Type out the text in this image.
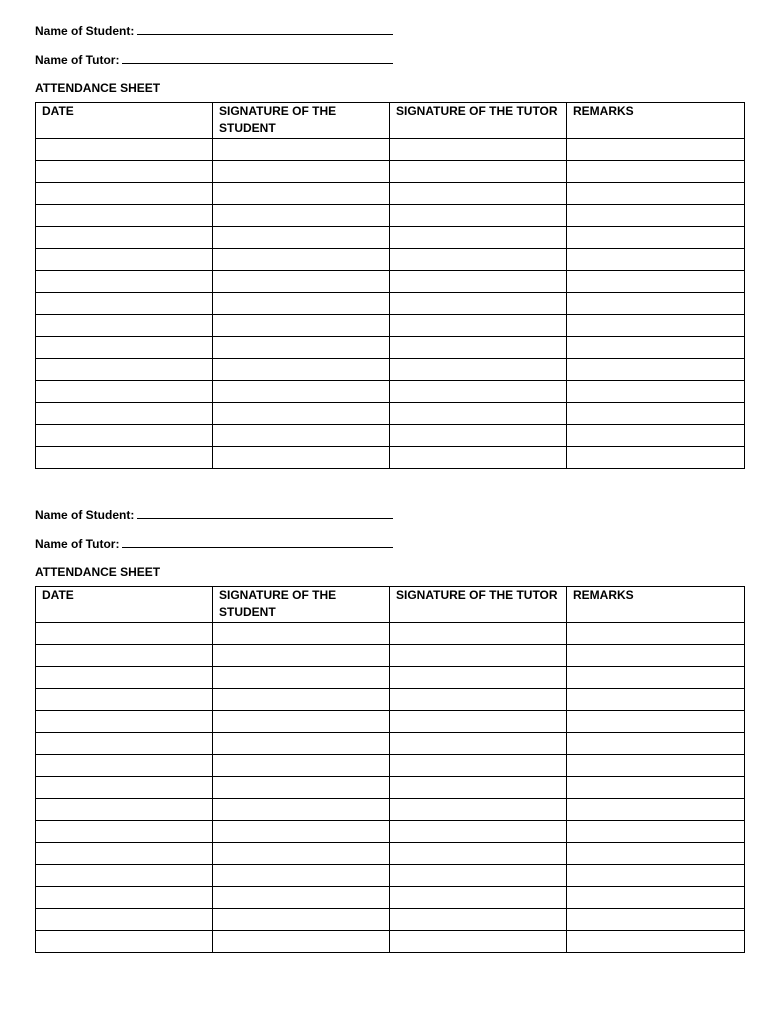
Name of Student:
Name of Tutor:
ATTENDANCE SHEET
DATE	SIGNATURE OF THE STUDENT	SIGNATURE OF THE TUTOR	REMARKS

Name of Student:
Name of Tutor:
ATTENDANCE SHEET
DATE	SIGNATURE OF THE STUDENT	SIGNATURE OF THE TUTOR	REMARKS
